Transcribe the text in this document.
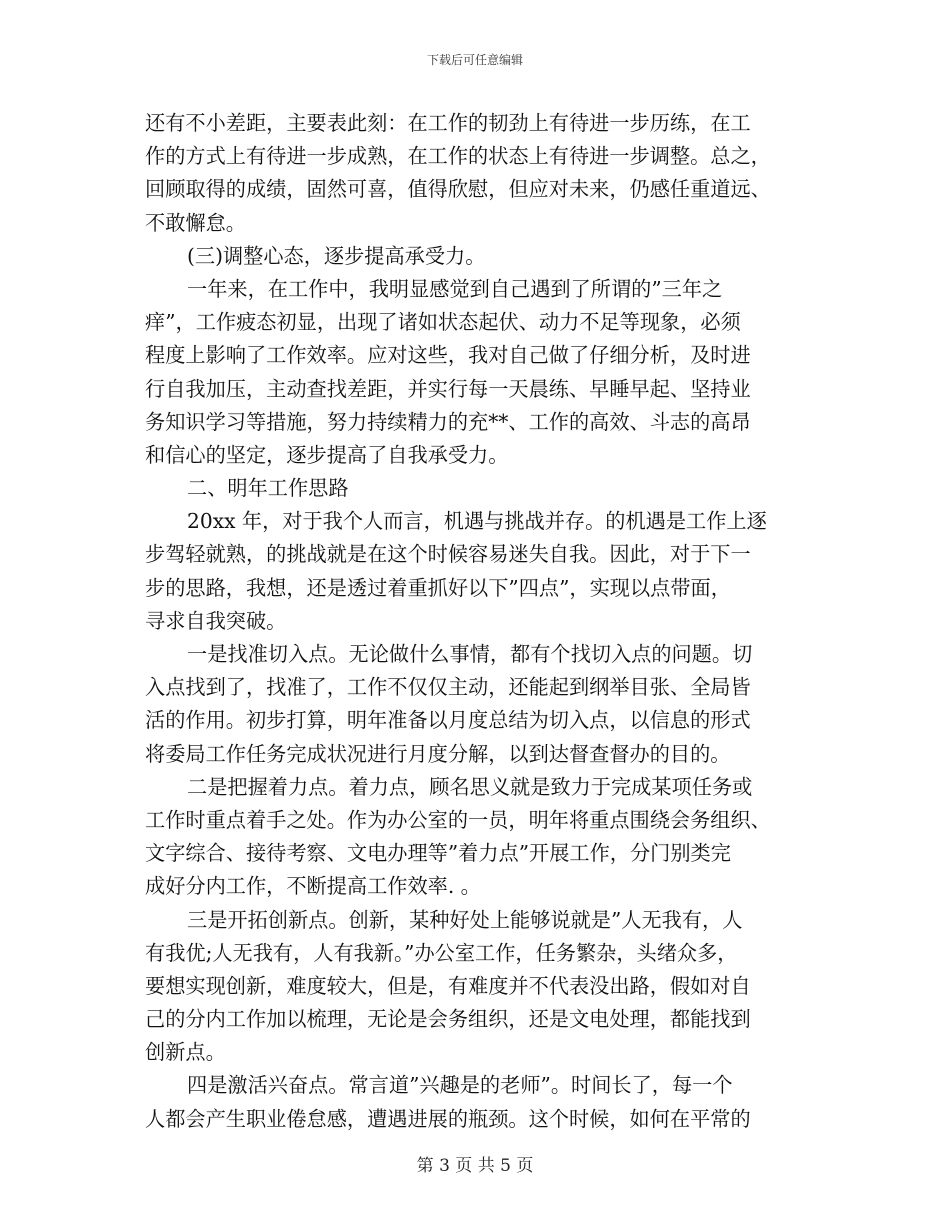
下载后可任意编辑
还有不小差距，主要表此刻：在工作的韧劲上有待进一步历练，在工
作的方式上有待进一步成熟，在工作的状态上有待进一步调整。总之，
回顾取得的成绩，固然可喜，值得欣慰，但应对未来，仍感任重道远、
不敢懈怠。
(三)调整心态，逐步提高承受力。
一年来，在工作中，我明显感觉到自己遇到了所谓的”三年之
痒”，工作疲态初显，出现了诸如状态起伏、动力不足等现象，必须
程度上影响了工作效率。应对这些，我对自己做了仔细分析，及时进
行自我加压，主动查找差距，并实行每一天晨练、早睡早起、坚持业
务知识学习等措施，努力持续精力的充**、工作的高效、斗志的高昂
和信心的坚定，逐步提高了自我承受力。
二、明年工作思路
20xx 年，对于我个人而言，机遇与挑战并存。的机遇是工作上逐
步驾轻就熟，的挑战就是在这个时候容易迷失自我。因此，对于下一
步的思路，我想，还是透过着重抓好以下”四点”，实现以点带面，
寻求自我突破。
一是找准切入点。无论做什么事情，都有个找切入点的问题。切
入点找到了，找准了，工作不仅仅主动，还能起到纲举目张、全局皆
活的作用。初步打算，明年准备以月度总结为切入点，以信息的形式
将委局工作任务完成状况进行月度分解，以到达督查督办的目的。
二是把握着力点。着力点，顾名思义就是致力于完成某项任务或
工作时重点着手之处。作为办公室的一员，明年将重点围绕会务组织、
文字综合、接待考察、文电办理等”着力点”开展工作，分门别类完
成好分内工作，不断提高工作效率. 。
三是开拓创新点。创新，某种好处上能够说就是”人无我有，人
有我优;人无我有，人有我新。”办公室工作，任务繁杂，头绪众多，
要想实现创新，难度较大，但是，有难度并不代表没出路，假如对自
己的分内工作加以梳理，无论是会务组织，还是文电处理，都能找到
创新点。
四是激活兴奋点。常言道”兴趣是的老师”。时间长了，每一个
人都会产生职业倦怠感，遭遇进展的瓶颈。这个时候，如何在平常的
第 3 页 共 5 页
